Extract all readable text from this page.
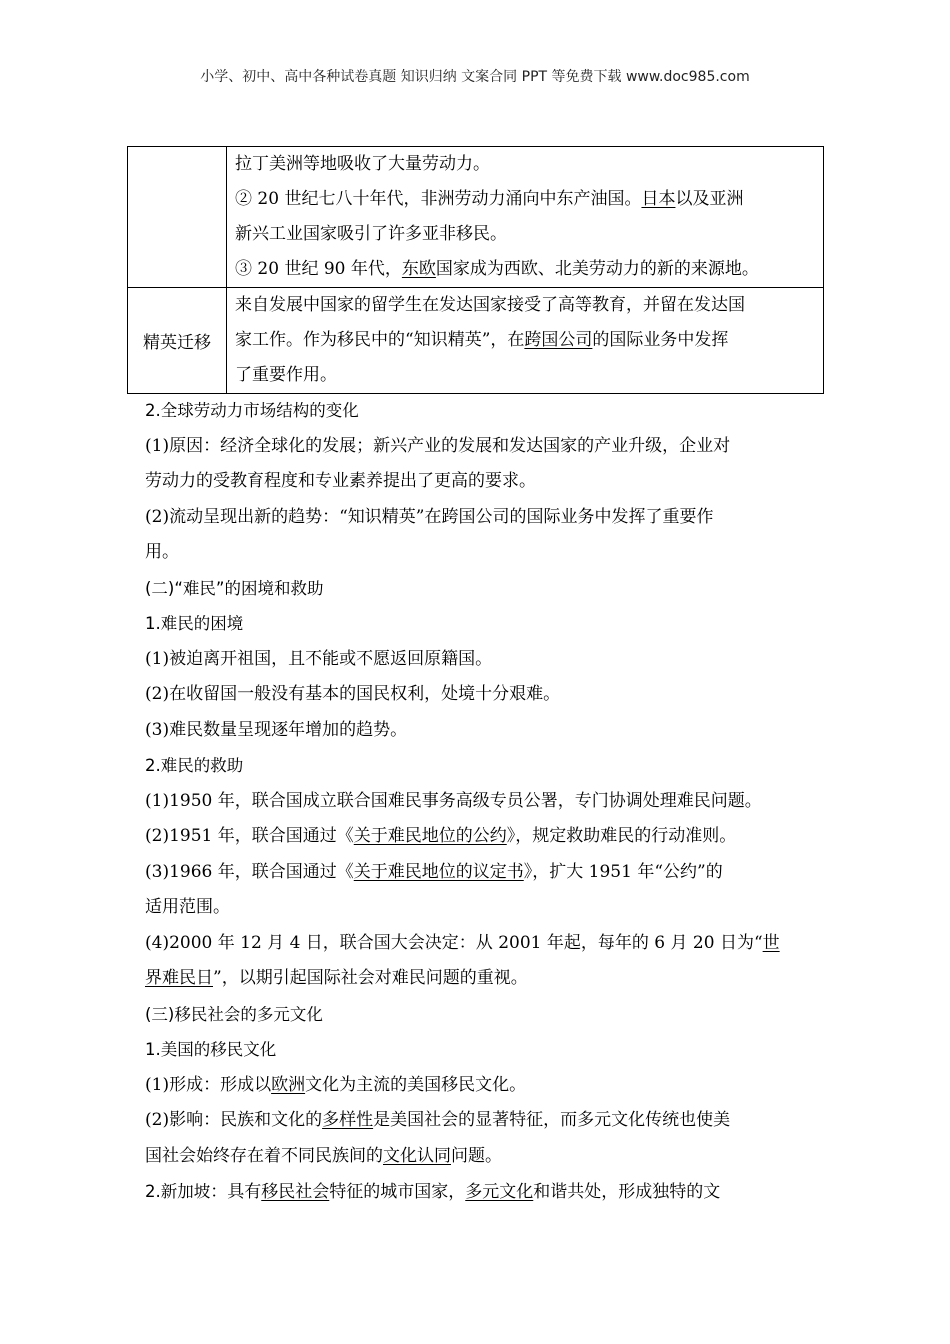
小学、初中、高中各种试卷真题 知识归纳 文案合同 PPT 等免费下载 www.doc985.com

	拉丁美洲等地吸收了大量劳动力。

② 20 世纪七八十年代，非洲劳动力涌向中东产油国。日本以及亚洲

新兴工业国家吸引了许多亚非移民。

③ 20 世纪 90 年代，东欧国家成为西欧、北美劳动力的新的来源地。

精英迁移	来自发展中国家的留学生在发达国家接受了高等教育，并留在发达国

家工作。作为移民中的“知识精英”，在跨国公司的国际业务中发挥

了重要作用。

2.全球劳动力市场结构的变化

(1)原因：经济全球化的发展；新兴产业的发展和发达国家的产业升级，企业对

劳动力的受教育程度和专业素养提出了更高的要求。

(2)流动呈现出新的趋势：“知识精英”在跨国公司的国际业务中发挥了重要作

用。

(二)“难民”的困境和救助

1.难民的困境

(1)被迫离开祖国，且不能或不愿返回原籍国。

(2)在收留国一般没有基本的国民权利，处境十分艰难。

(3)难民数量呈现逐年增加的趋势。

2.难民的救助

(1)1950 年，联合国成立联合国难民事务高级专员公署，专门协调处理难民问题。

(2)1951 年，联合国通过《关于难民地位的公约》，规定救助难民的行动准则。

(3)1966 年，联合国通过《关于难民地位的议定书》，扩大 1951 年“公约”的

适用范围。

(4)2000 年 12 月 4 日，联合国大会决定：从 2001 年起，每年的 6 月 20 日为“世

界难民日”，以期引起国际社会对难民问题的重视。

(三)移民社会的多元文化

1.美国的移民文化

(1)形成：形成以欧洲文化为主流的美国移民文化。

(2)影响：民族和文化的多样性是美国社会的显著特征，而多元文化传统也使美

国社会始终存在着不同民族间的文化认同问题。

2.新加坡：具有移民社会特征的城市国家，多元文化和谐共处，形成独特的文
